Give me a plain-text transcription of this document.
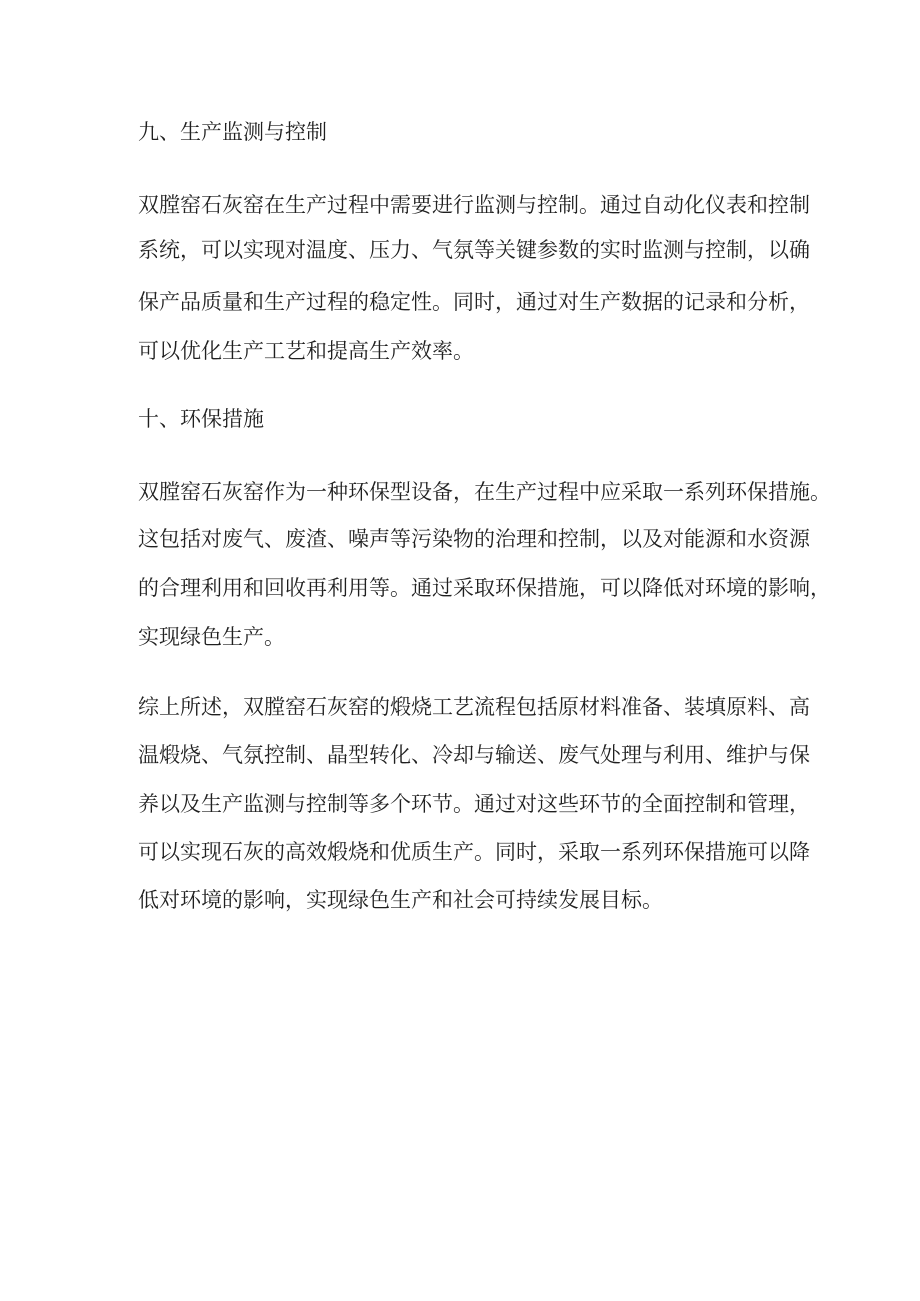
九、生产监测与控制

双膛窑石灰窑在生产过程中需要进行监测与控制。通过自动化仪表和控制

系统，可以实现对温度、压力、气氛等关键参数的实时监测与控制，以确

保产品质量和生产过程的稳定性。同时，通过对生产数据的记录和分析，

可以优化生产工艺和提高生产效率。

十、环保措施

双膛窑石灰窑作为一种环保型设备，在生产过程中应采取一系列环保措施。

这包括对废气、废渣、噪声等污染物的治理和控制，以及对能源和水资源

的合理利用和回收再利用等。通过采取环保措施，可以降低对环境的影响，

实现绿色生产。

综上所述，双膛窑石灰窑的煅烧工艺流程包括原材料准备、装填原料、高

温煅烧、气氛控制、晶型转化、冷却与输送、废气处理与利用、维护与保

养以及生产监测与控制等多个环节。通过对这些环节的全面控制和管理，

可以实现石灰的高效煅烧和优质生产。同时，采取一系列环保措施可以降

低对环境的影响，实现绿色生产和社会可持续发展目标。
